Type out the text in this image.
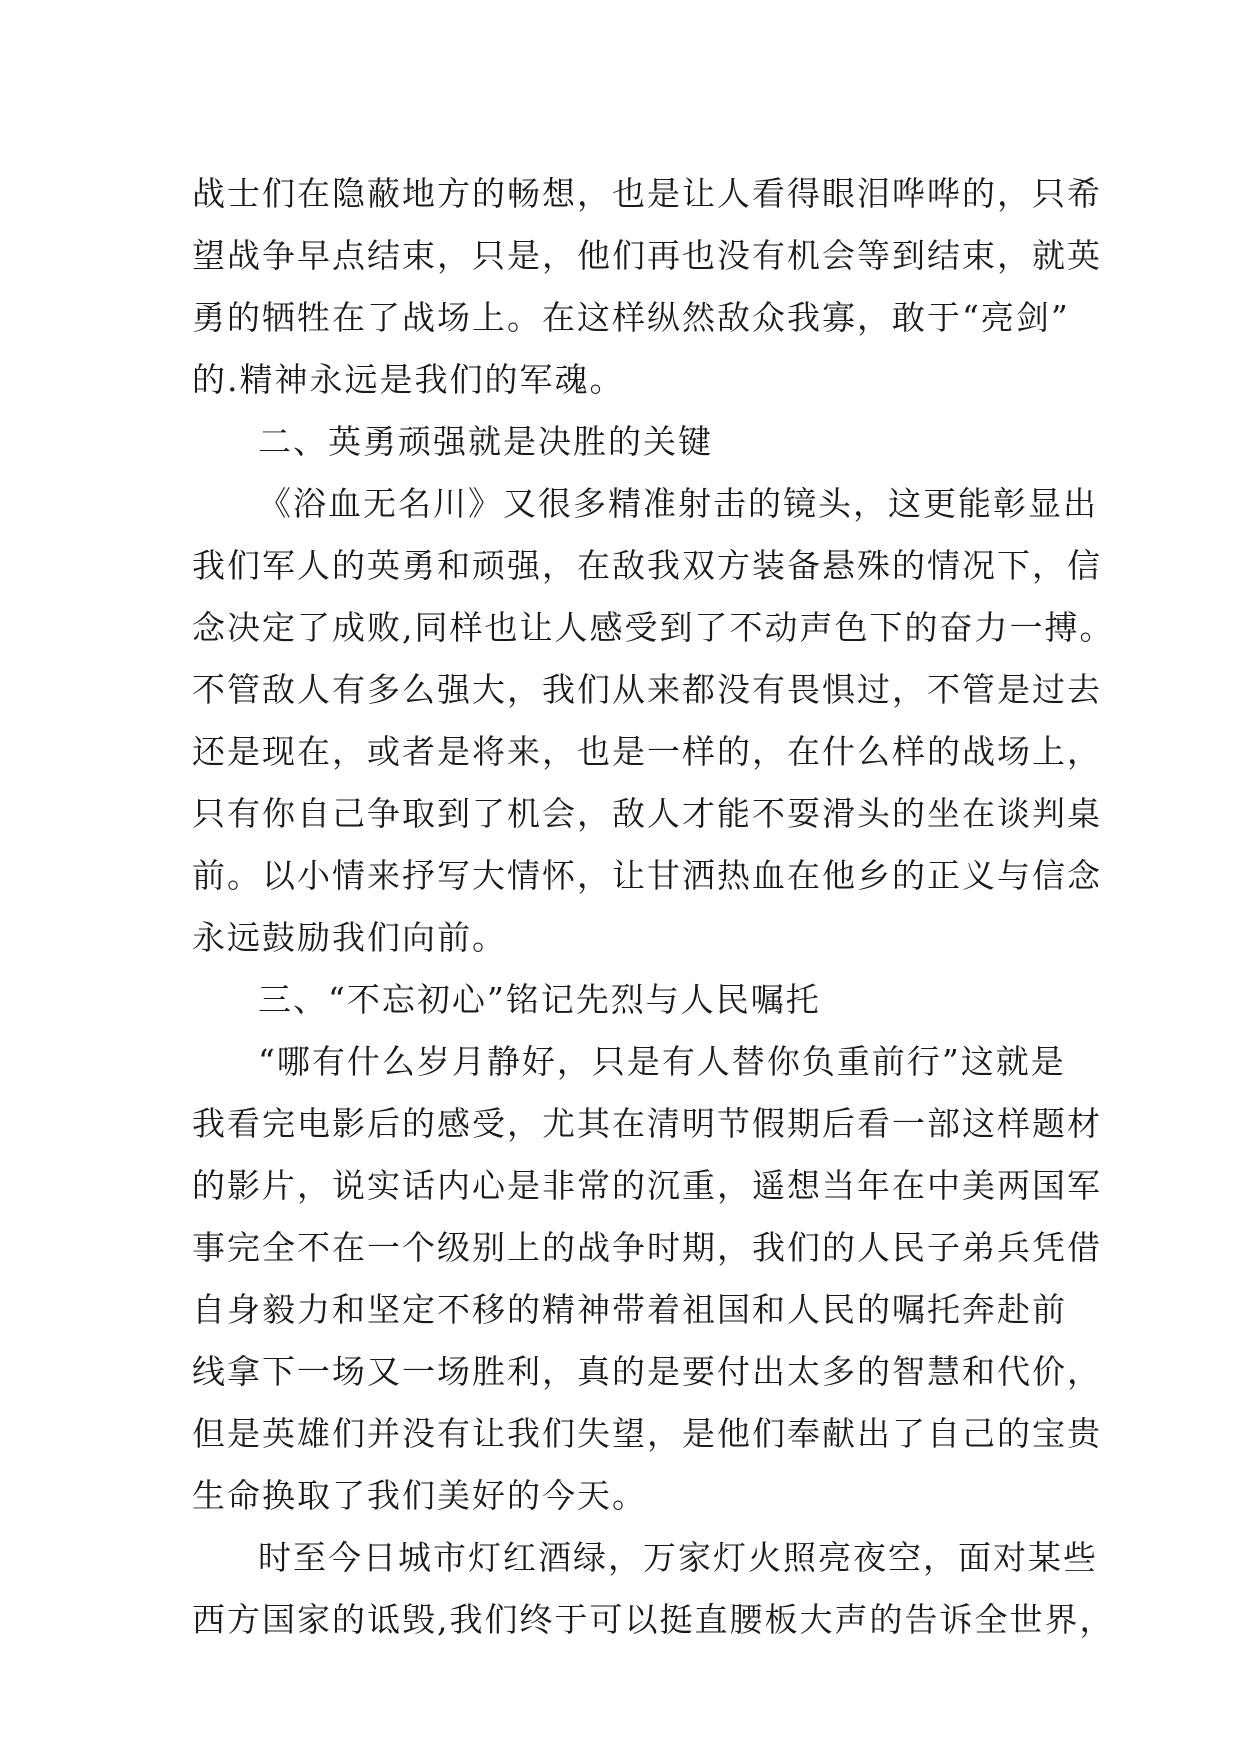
战士们在隐蔽地方的畅想，也是让人看得眼泪哗哗的，只希
望战争早点结束，只是，他们再也没有机会等到结束，就英
勇的牺牲在了战场上。在这样纵然敌众我寡，敢于“亮剑”
的.精神永远是我们的军魂。
二、英勇顽强就是决胜的关键
《浴血无名川》又很多精准射击的镜头，这更能彰显出
我们军人的英勇和顽强，在敌我双方装备悬殊的情况下，信
念决定了成败,同样也让人感受到了不动声色下的奋力一搏。
不管敌人有多么强大，我们从来都没有畏惧过，不管是过去
还是现在，或者是将来，也是一样的，在什么样的战场上，
只有你自己争取到了机会，敌人才能不耍滑头的坐在谈判桌
前。以小情来抒写大情怀，让甘洒热血在他乡的正义与信念
永远鼓励我们向前。
三、“不忘初心”铭记先烈与人民嘱托
“哪有什么岁月静好，只是有人替你负重前行”这就是
我看完电影后的感受，尤其在清明节假期后看一部这样题材
的影片，说实话内心是非常的沉重，遥想当年在中美两国军
事完全不在一个级别上的战争时期，我们的人民子弟兵凭借
自身毅力和坚定不移的精神带着祖国和人民的嘱托奔赴前
线拿下一场又一场胜利，真的是要付出太多的智慧和代价，
但是英雄们并没有让我们失望，是他们奉献出了自己的宝贵
生命换取了我们美好的今天。
时至今日城市灯红酒绿，万家灯火照亮夜空，面对某些
西方国家的诋毁,我们终于可以挺直腰板大声的告诉全世界，
